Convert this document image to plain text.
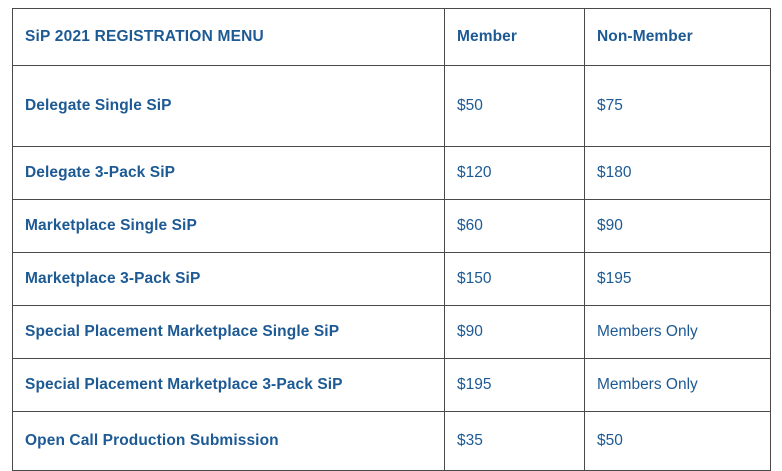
SiP 2021 REGISTRATION MENU	Member	Non-Member
Delegate Single SiP	$50	$75
Delegate 3-Pack SiP	$120	$180
Marketplace Single SiP	$60	$90
Marketplace 3-Pack SiP	$150	$195
Special Placement Marketplace Single SiP	$90	Members Only
Special Placement Marketplace 3-Pack SiP	$195	Members Only
Open Call Production Submission	$35	$50
